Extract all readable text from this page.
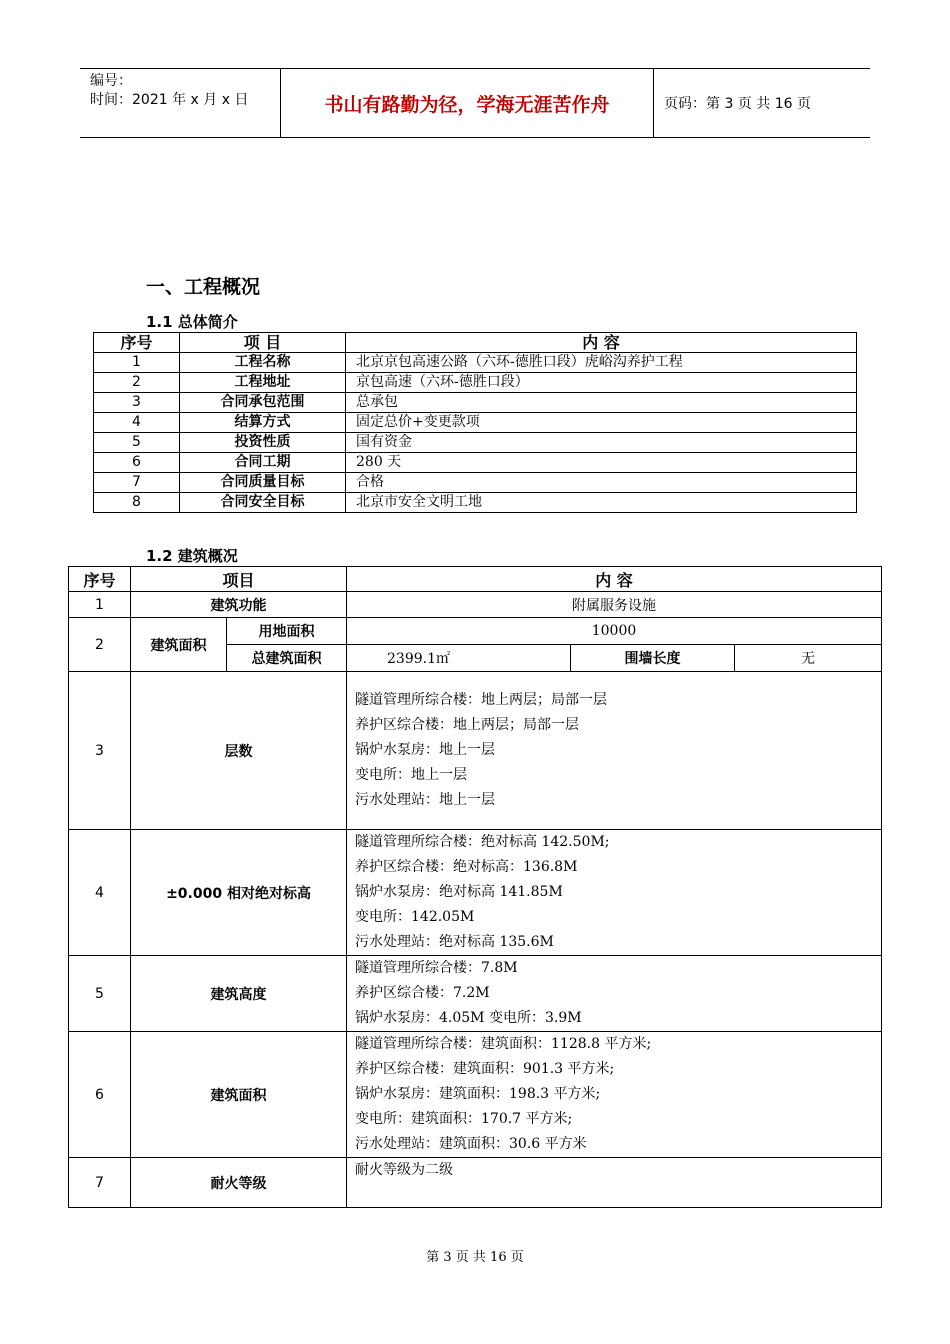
编号：
时间：2021 年 x 月 x 日	书山有路勤为径，学海无涯苦作舟	页码：第 3 页 共 16 页
一、工程概况
1.1 总体简介
序号	项 目	内 容
1	工程名称	北京京包高速公路（六环-德胜口段）虎峪沟养护工程
2	工程地址	京包高速（六环-德胜口段）
3	合同承包范围	总承包
4	结算方式	固定总价+变更款项
5	投资性质	国有资金
6	合同工期	280 天
7	合同质量目标	合格
8	合同安全目标	北京市安全文明工地
1.2 建筑概况
序号	项目		内 容		
1	建筑功能		附属服务设施		
2	建筑面积	用地面积	10000		
		总建筑面积	2399.1㎡	围墙长度	无
3	层数		隧道管理所综合楼：地上两层；局部一层
养护区综合楼：地上两层；局部一层
锅炉水泵房：地上一层
变电所：地上一层
污水处理站：地上一层		

4	±0.000 相对绝对标高		隧道管理所综合楼：绝对标高 142.50M;
养护区综合楼：绝对标高：136.8M
锅炉水泵房：绝对标高 141.85M
变电所：142.05M
污水处理站：绝对标高 135.6M		

5	建筑高度		隧道管理所综合楼：7.8M
养护区综合楼：7.2M
锅炉水泵房：4.05M 变电所：3.9M		

6	建筑面积		隧道管理所综合楼：建筑面积：1128.8 平方米;
养护区综合楼：建筑面积：901.3 平方米;
锅炉水泵房：建筑面积：198.3 平方米;
变电所：建筑面积：170.7 平方米;
污水处理站：建筑面积：30.6 平方米		

7	耐火等级		耐火等级为二级		
第 3 页 共 16 页
